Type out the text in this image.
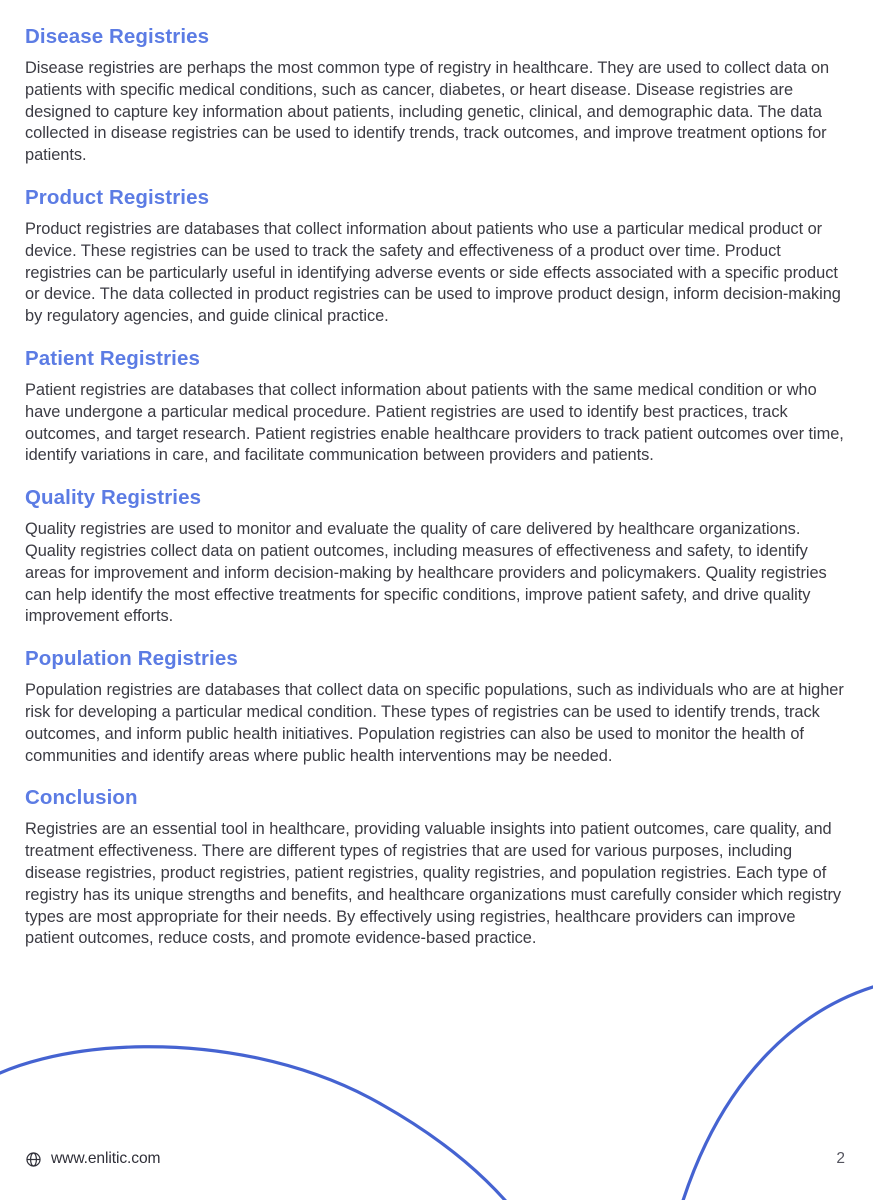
Disease Registries

Disease registries are perhaps the most common type of registry in healthcare. They are used to collect data on patients with specific medical conditions, such as cancer, diabetes, or heart disease. Disease registries are designed to capture key information about patients, including genetic, clinical, and demographic data. The data collected in disease registries can be used to identify trends, track outcomes, and improve treatment options for patients.

Product Registries

Product registries are databases that collect information about patients who use a particular medical product or device. These registries can be used to track the safety and effectiveness of a product over time. Product registries can be particularly useful in identifying adverse events or side effects associated with a specific product or device. The data collected in product registries can be used to improve product design, inform decision-making by regulatory agencies, and guide clinical practice.

Patient Registries

Patient registries are databases that collect information about patients with the same medical condition or who have undergone a particular medical procedure. Patient registries are used to identify best practices, track outcomes, and target research. Patient registries enable healthcare providers to track patient outcomes over time, identify variations in care, and facilitate communication between providers and patients.

Quality Registries

Quality registries are used to monitor and evaluate the quality of care delivered by healthcare organizations. Quality registries collect data on patient outcomes, including measures of effectiveness and safety, to identify areas for improvement and inform decision-making by healthcare providers and policymakers. Quality registries can help identify the most effective treatments for specific conditions, improve patient safety, and drive quality improvement efforts.

Population Registries

Population registries are databases that collect data on specific populations, such as individuals who are at higher risk for developing a particular medical condition. These types of registries can be used to identify trends, track outcomes, and inform public health initiatives. Population registries can also be used to monitor the health of communities and identify areas where public health interventions may be needed.

Conclusion

Registries are an essential tool in healthcare, providing valuable insights into patient outcomes, care quality, and treatment effectiveness. There are different types of registries that are used for various purposes, including disease registries, product registries, patient registries, quality registries, and population registries. Each type of registry has its unique strengths and benefits, and healthcare organizations must carefully consider which registry types are most appropriate for their needs. By effectively using registries, healthcare providers can improve patient outcomes, reduce costs, and promote evidence-based practice.

www.enlitic.com	2
